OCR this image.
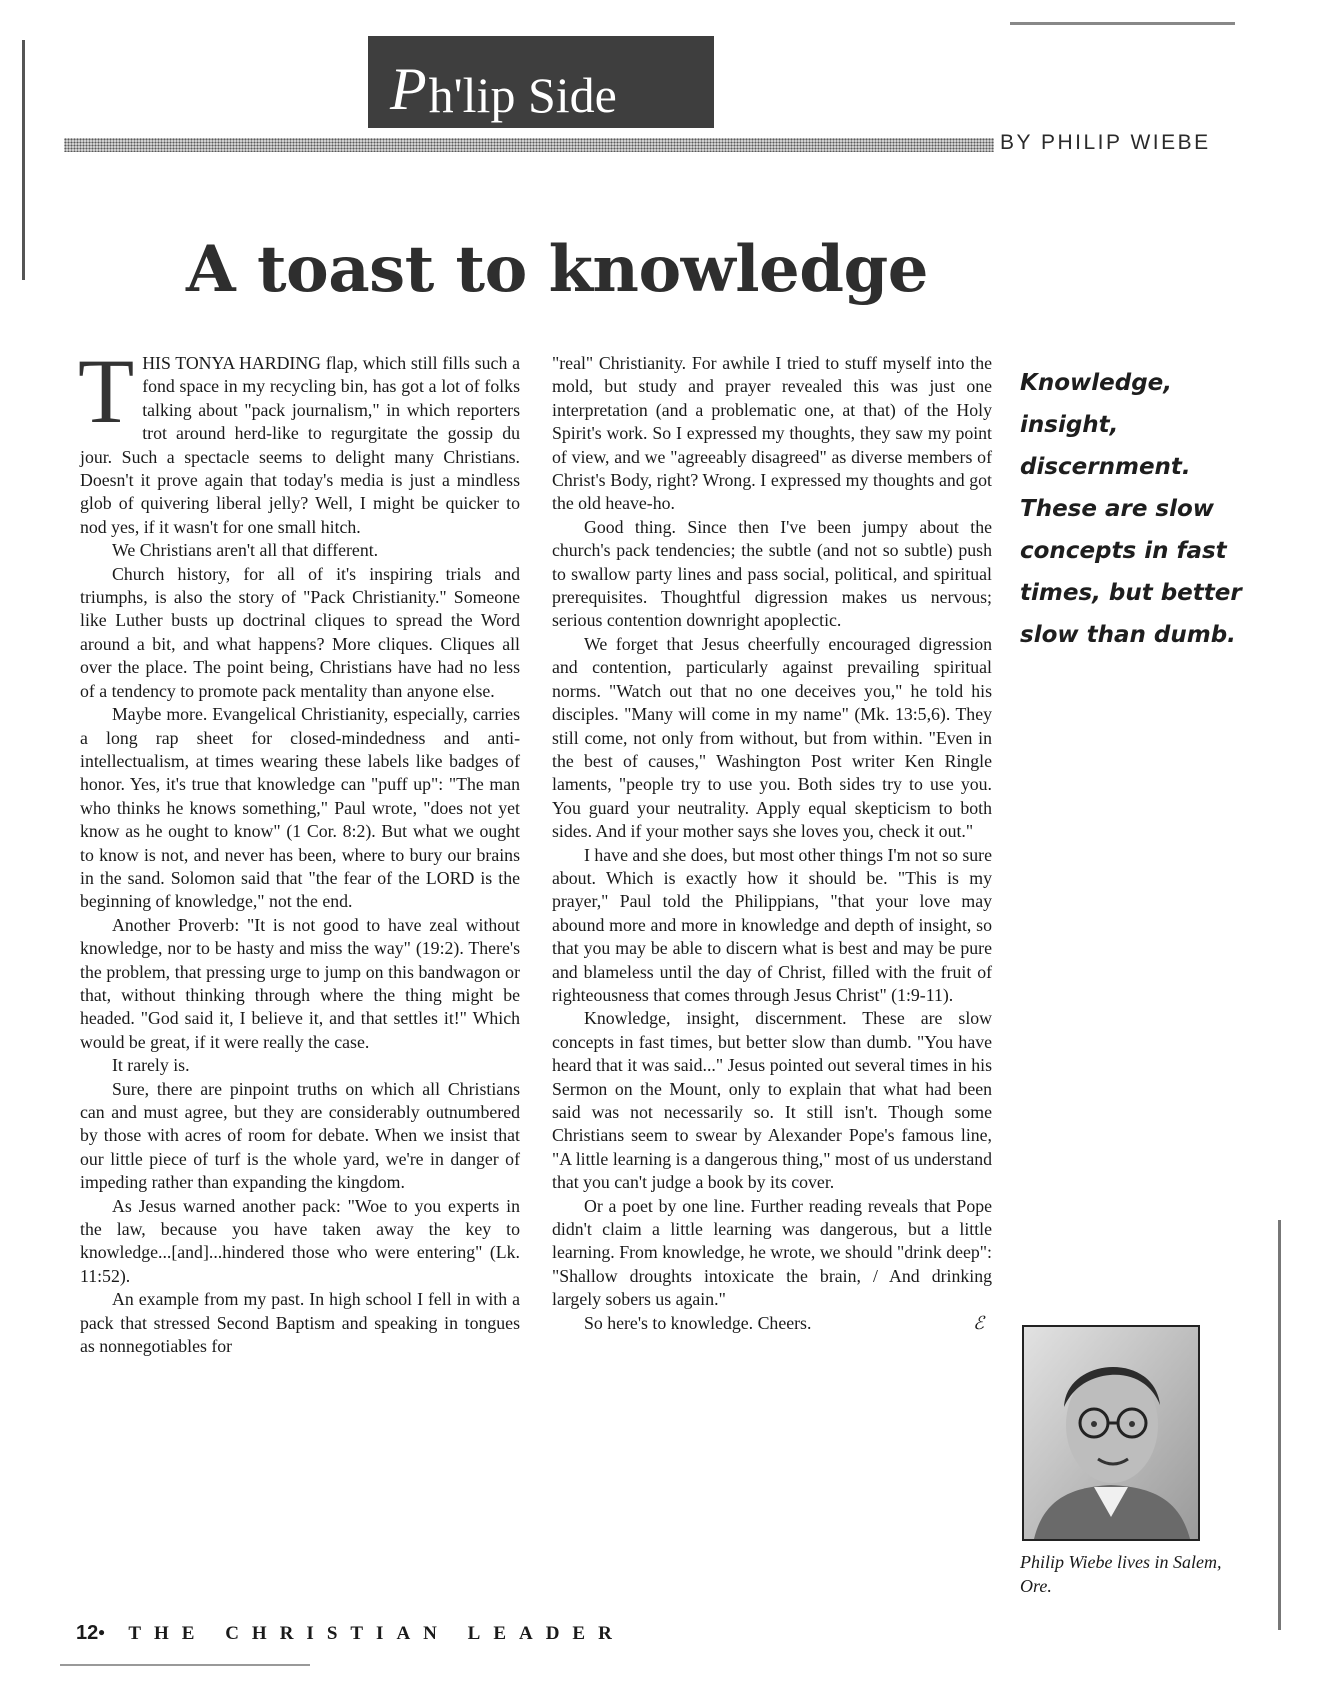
P h'lip Side
BY PHILIP WIEBE
A toast to knowledge

THIS TONYA HARDING flap, which still fills such a fond space in my recycling bin, has got a lot of folks talking about "pack journalism," in which reporters trot around herd-like to regurgitate the gossip du jour. Such a spectacle seems to delight many Christians. Doesn't it prove again that today's media is just a mindless glob of quivering liberal jelly? Well, I might be quicker to nod yes, if it wasn't for one small hitch.

We Christians aren't all that different.

Church history, for all of it's inspiring trials and triumphs, is also the story of "Pack Christianity." Someone like Luther busts up doctrinal cliques to spread the Word around a bit, and what happens? More cliques. Cliques all over the place. The point being, Christians have had no less of a tendency to promote pack mentality than anyone else.

Maybe more. Evangelical Christianity, especially, carries a long rap sheet for closed-mindedness and anti-intellectualism, at times wearing these labels like badges of honor. Yes, it's true that knowledge can "puff up": "The man who thinks he knows something," Paul wrote, "does not yet know as he ought to know" (1 Cor. 8:2). But what we ought to know is not, and never has been, where to bury our brains in the sand. Solomon said that "the fear of the LORD is the beginning of knowledge," not the end.

Another Proverb: "It is not good to have zeal without knowledge, nor to be hasty and miss the way" (19:2). There's the problem, that pressing urge to jump on this bandwagon or that, without thinking through where the thing might be headed. "God said it, I believe it, and that settles it!" Which would be great, if it were really the case.

It rarely is.

Sure, there are pinpoint truths on which all Christians can and must agree, but they are considerably outnumbered by those with acres of room for debate. When we insist that our little piece of turf is the whole yard, we're in danger of impeding rather than expanding the kingdom.

As Jesus warned another pack: "Woe to you experts in the law, because you have taken away the key to knowledge...[and]...hindered those who were entering" (Lk. 11:52).

An example from my past. In high school I fell in with a pack that stressed Second Baptism and speaking in tongues as nonnegotiables for

"real" Christianity. For awhile I tried to stuff myself into the mold, but study and prayer revealed this was just one interpretation (and a problematic one, at that) of the Holy Spirit's work. So I expressed my thoughts, they saw my point of view, and we "agreeably disagreed" as diverse members of Christ's Body, right? Wrong. I expressed my thoughts and got the old heave-ho.

Good thing. Since then I've been jumpy about the church's pack tendencies; the subtle (and not so subtle) push to swallow party lines and pass social, political, and spiritual prerequisites. Thoughtful digression makes us nervous; serious contention downright apoplectic.

We forget that Jesus cheerfully encouraged digression and contention, particularly against prevailing spiritual norms. "Watch out that no one deceives you," he told his disciples. "Many will come in my name" (Mk. 13:5,6). They still come, not only from without, but from within. "Even in the best of causes," Washington Post writer Ken Ringle laments, "people try to use you. Both sides try to use you. You guard your neutrality. Apply equal skepticism to both sides. And if your mother says she loves you, check it out."

I have and she does, but most other things I'm not so sure about. Which is exactly how it should be. "This is my prayer," Paul told the Philippians, "that your love may abound more and more in knowledge and depth of insight, so that you may be able to discern what is best and may be pure and blameless until the day of Christ, filled with the fruit of righteousness that comes through Jesus Christ" (1:9-11).

Knowledge, insight, discernment. These are slow concepts in fast times, but better slow than dumb. "You have heard that it was said..." Jesus pointed out several times in his Sermon on the Mount, only to explain that what had been said was not necessarily so. It still isn't. Though some Christians seem to swear by Alexander Pope's famous line, "A little learning is a dangerous thing," most of us understand that you can't judge a book by its cover.

Or a poet by one line. Further reading reveals that Pope didn't claim a little learning was dangerous, but a little learning. From knowledge, he wrote, we should "drink deep": "Shallow droughts intoxicate the brain, / And drinking largely sobers us again."

So here's to knowledge. Cheers.	ℰ

Knowledge, insight, discernment. These are slow concepts in fast times, but better slow than dumb.
Philip Wiebe lives in Salem, Ore.
12• THE CHRISTIAN LEADER
